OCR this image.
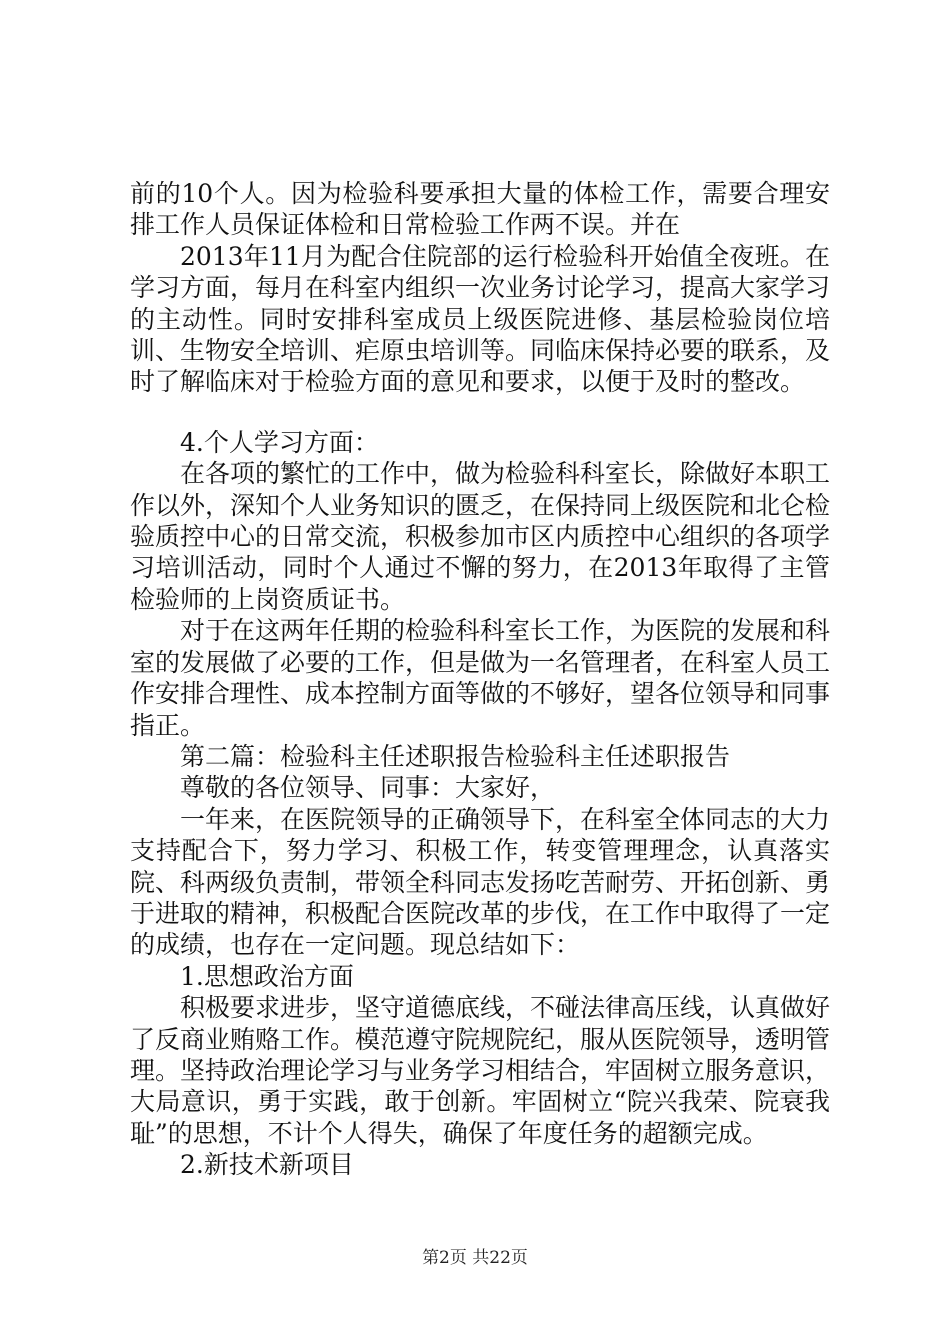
前的10个人。因为检验科要承担大量的体检工作，需要合理安排工作人员保证体检和日常检验工作两不误。并在

2013年11月为配合住院部的运行检验科开始值全夜班。在学习方面，每月在科室内组织一次业务讨论学习，提高大家学习的主动性。同时安排科室成员上级医院进修、基层检验岗位培训、生物安全培训、疟原虫培训等。同临床保持必要的联系，及时了解临床对于检验方面的意见和要求，以便于及时的整改。

4.个人学习方面：

在各项的繁忙的工作中，做为检验科科室长，除做好本职工作以外，深知个人业务知识的匮乏，在保持同上级医院和北仑检验质控中心的日常交流，积极参加市区内质控中心组织的各项学习培训活动，同时个人通过不懈的努力，在2013年取得了主管检验师的上岗资质证书。

对于在这两年任期的检验科科室长工作，为医院的发展和科室的发展做了必要的工作，但是做为一名管理者，在科室人员工作安排合理性、成本控制方面等做的不够好，望各位领导和同事指正。

第二篇：检验科主任述职报告检验科主任述职报告

尊敬的各位领导、同事：大家好，

一年来，在医院领导的正确领导下，在科室全体同志的大力支持配合下，努力学习、积极工作，转变管理理念，认真落实院、科两级负责制，带领全科同志发扬吃苦耐劳、开拓创新、勇于进取的精神，积极配合医院改革的步伐，在工作中取得了一定的成绩，也存在一定问题。现总结如下：

1.思想政治方面

积极要求进步，坚守道德底线，不碰法律高压线，认真做好了反商业贿赂工作。模范遵守院规院纪，服从医院领导，透明管理。坚持政治理论学习与业务学习相结合，牢固树立服务意识，大局意识，勇于实践，敢于创新。牢固树立“院兴我荣、院衰我耻”的思想，不计个人得失，确保了年度任务的超额完成。

2.新技术新项目

第2页 共22页
